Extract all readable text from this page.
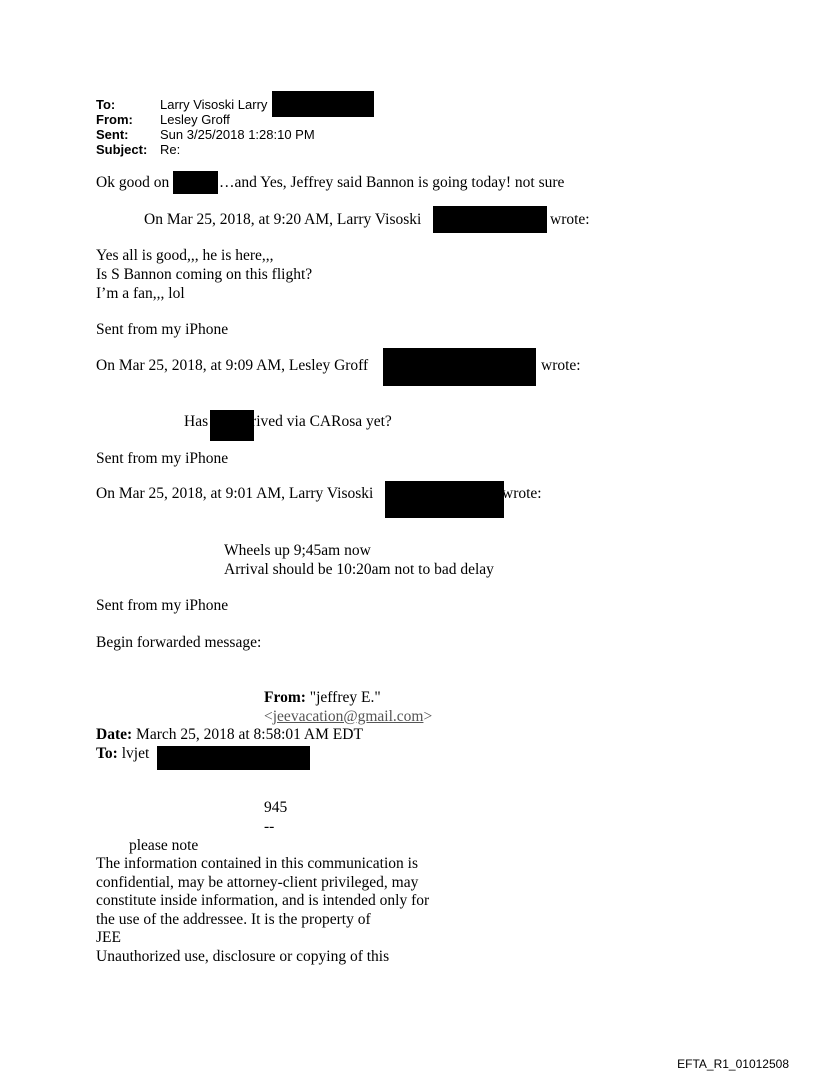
To:	Larry Visoski Larry
From: Lesley Groff
Sent: Sun 3/25/2018 1:28:10 PM
Subject: Re:
Ok good on	…and Yes, Jeffrey said Bannon is going today! not sure
On Mar 25, 2018, at 9:20 AM, Larry Visoski	wrote:
Yes all is good,,, he is here,,,
Is S Bannon coming on this flight?
I’m a fan,,, lol
Sent from my iPhone
On Mar 25, 2018, at 9:09 AM, Lesley Groff	wrote:
Has arrived via CARosa yet?
Sent from my iPhone
On Mar 25, 2018, at 9:01 AM, Larry Visoski	wrote:
Wheels up 9;45am now
Arrival should be 10:20am not to bad delay
Sent from my iPhone
Begin forwarded message:
From: "jeffrey E."
<jeevacation@gmail.com>
Date: March 25, 2018 at 8:58:01 AM EDT
To: lvjet
945
--
please note
The information contained in this communication is
confidential, may be attorney-client privileged, may
constitute inside information, and is intended only for
the use of the addressee. It is the property of
JEE
Unauthorized use, disclosure or copying of this
EFTA_R1_01012508
